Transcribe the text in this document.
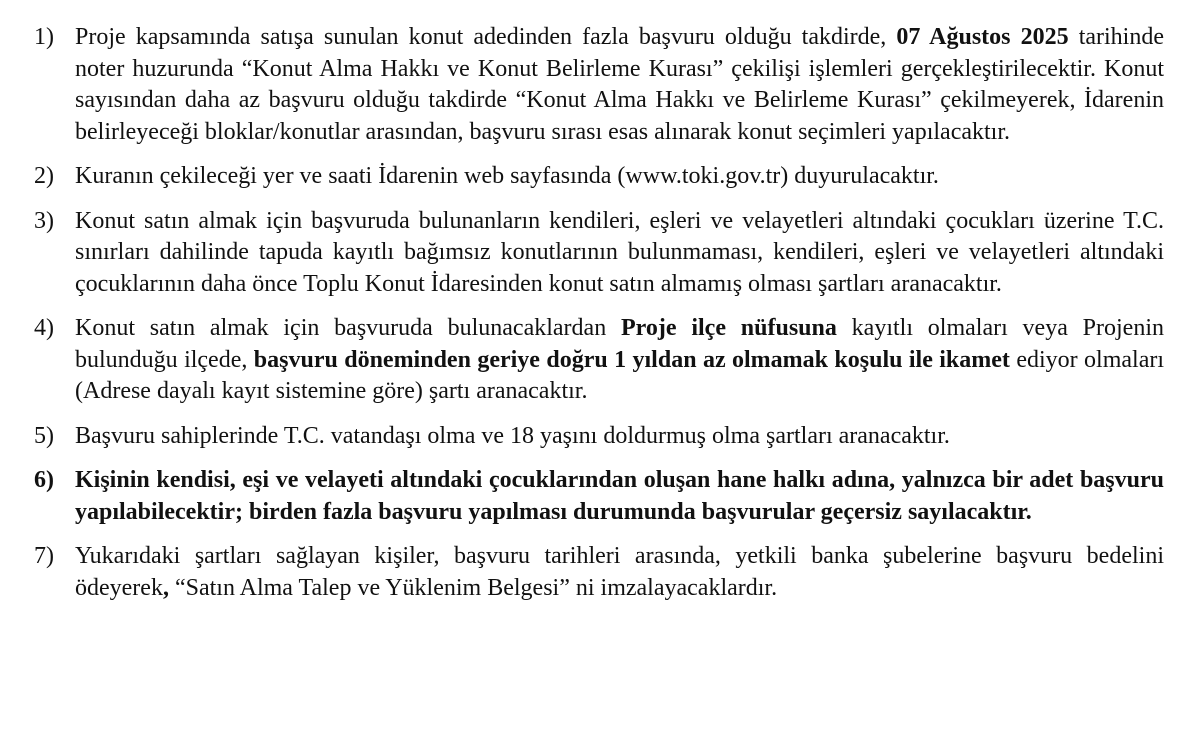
1) Proje kapsamında satışa sunulan konut adedinden fazla başvuru olduğu takdirde, 07 Ağustos 2025 tarihinde noter huzurunda “Konut Alma Hakkı ve Konut Belirleme Kurası” çekilişi işlemleri gerçekleştirilecektir. Konut sayısından daha az başvuru olduğu takdirde “Konut Alma Hakkı ve Belirleme Kurası” çekilmeyerek, İdarenin belirleyeceği bloklar/konutlar arasından, başvuru sırası esas alınarak konut seçimleri yapılacaktır.
2) Kuranın çekileceği yer ve saati İdarenin web sayfasında (www.toki.gov.tr) duyurulacaktır.
3) Konut satın almak için başvuruda bulunanların kendileri, eşleri ve velayetleri altındaki çocukları üzerine T.C. sınırları dahilinde tapuda kayıtlı bağımsız konutlarının bulunmaması, kendileri, eşleri ve velayetleri altındaki çocuklarının daha önce Toplu Konut İdaresinden konut satın almamış olması şartları aranacaktır.
4) Konut satın almak için başvuruda bulunacaklardan Proje ilçe nüfusuna kayıtlı olmaları veya Projenin bulunduğu ilçede, başvuru döneminden geriye doğru 1 yıldan az olmamak koşulu ile ikamet ediyor olmaları (Adrese dayalı kayıt sistemine göre) şartı aranacaktır.
5) Başvuru sahiplerinde T.C. vatandaşı olma ve 18 yaşını doldurmuş olma şartları aranacaktır.
6) Kişinin kendisi, eşi ve velayeti altındaki çocuklarından oluşan hane halkı adına, yalnızca bir adet başvuru yapılabilecektir; birden fazla başvuru yapılması durumunda başvurular geçersiz sayılacaktır.
7) Yukarıdaki şartları sağlayan kişiler, başvuru tarihleri arasında, yetkili banka şubelerine başvuru bedelini ödeyerek, “Satın Alma Talep ve Yüklenim Belgesi” ni imzalayacaklardır.
